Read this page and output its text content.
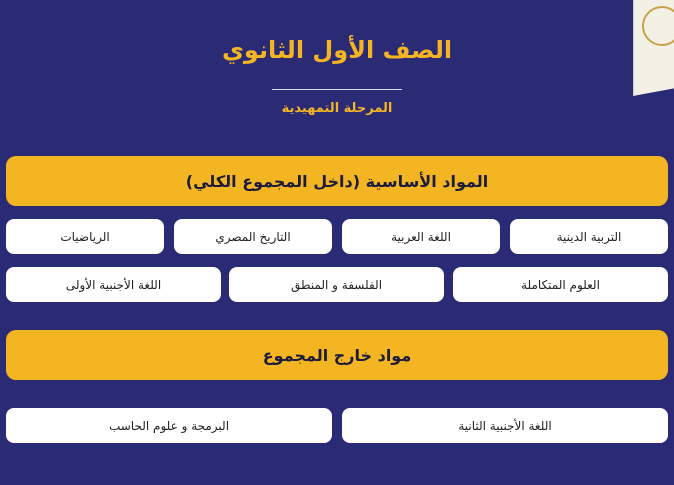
الصف الأول الثانوي
المرحلة التمهيدية
المواد الأساسية (داخل المجموع الكلي)
التربية الدينية
اللغة العربية
التاريخ المصري
الرياضيات
العلوم المتكاملة
الفلسفة و المنطق
اللغة الأجنبية الأولى
مواد خارج المجموع
اللغة الأجنبية الثانية
البرمجة و علوم الحاسب
